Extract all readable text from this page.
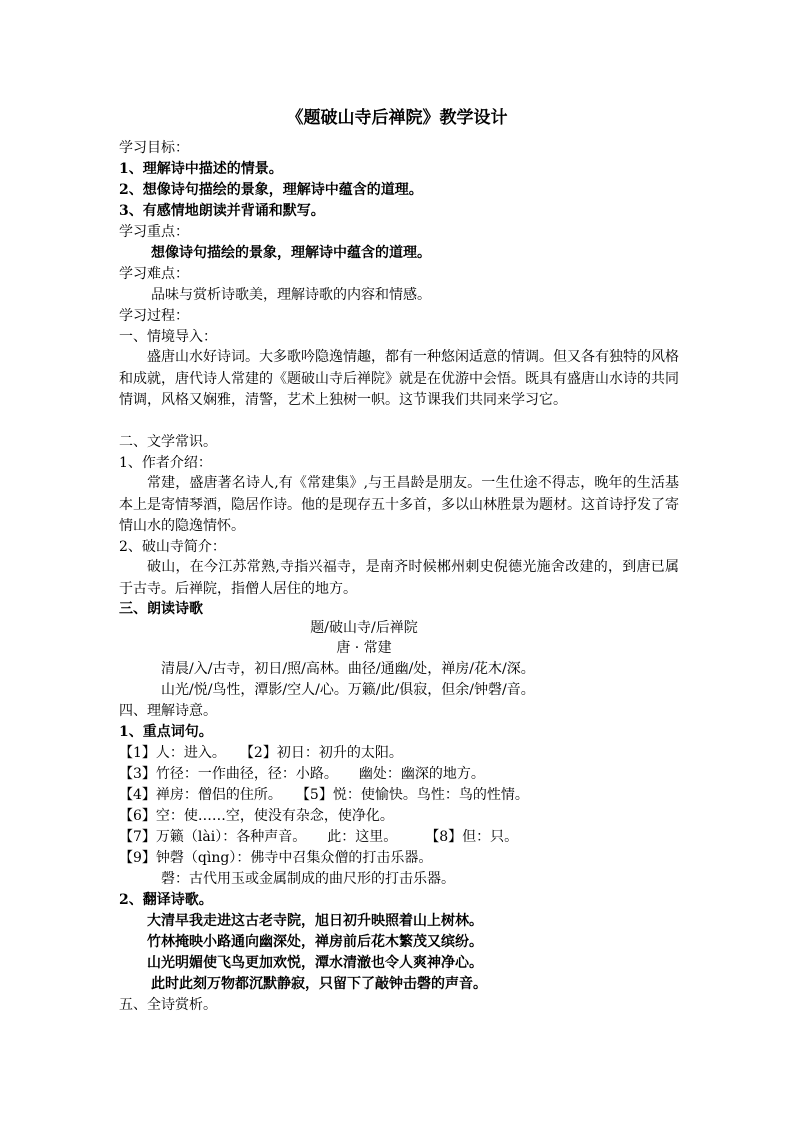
《题破山寺后禅院》教学设计
学习目标：
1、理解诗中描述的情景。
2、想像诗句描绘的景象，理解诗中蕴含的道理。
3、有感情地朗读并背诵和默写。
学习重点：
想像诗句描绘的景象，理解诗中蕴含的道理。
学习难点：
品味与赏析诗歌美，理解诗歌的内容和情感。
学习过程：
一、情境导入：
盛唐山水好诗词。大多歌吟隐逸情趣，都有一种悠闲适意的情调。但又各有独特的风格和成就，唐代诗人常建的《题破山寺后禅院》就是在优游中会悟。既具有盛唐山水诗的共同情调，风格又娴雅，清警，艺术上独树一帜。这节课我们共同来学习它。
二、文学常识。
1、作者介绍：
常建，盛唐著名诗人,有《常建集》,与王昌龄是朋友。一生仕途不得志，晚年的生活基本上是寄情琴酒，隐居作诗。他的是现存五十多首，多以山林胜景为题材。这首诗抒发了寄情山水的隐逸情怀。
2、破山寺简介：
破山，在今江苏常熟,寺指兴福寺，是南齐时候郴州刺史倪德光施舍改建的，到唐已属于古寺。后禅院，指僧人居住的地方。
三、朗读诗歌
题/破山寺/后禅院
唐 · 常建
清晨/入/古寺，初日/照/高林。曲径/通幽/处，禅房/花木/深。
山光/悦/鸟性，潭影/空人/心。万籁/此/俱寂，但余/钟磬/音。
四、理解诗意。
1、重点词句。
【1】人：进入。　　【2】初日：初升的太阳。
【3】竹径：一作曲径，径：小路。　　幽处：幽深的地方。
【4】禅房：僧侣的住所。　　【5】悦：使愉快。鸟性：鸟的性情。
【6】空：使……空，使没有杂念，使净化。
【7】万籁（lài）：各种声音。　　此：这里。　　　【8】但：只。
【9】钟磬（qìng）：佛寺中召集众僧的打击乐器。
磬：古代用玉或金属制成的曲尺形的打击乐器。
2、翻译诗歌。
大清早我走进这古老寺院，旭日初升映照着山上树林。
竹林掩映小路通向幽深处，禅房前后花木繁茂又缤纷。
山光明媚使飞鸟更加欢悦，潭水清澈也令人爽神净心。
此时此刻万物都沉默静寂，只留下了敲钟击磬的声音。
五、全诗赏析。
